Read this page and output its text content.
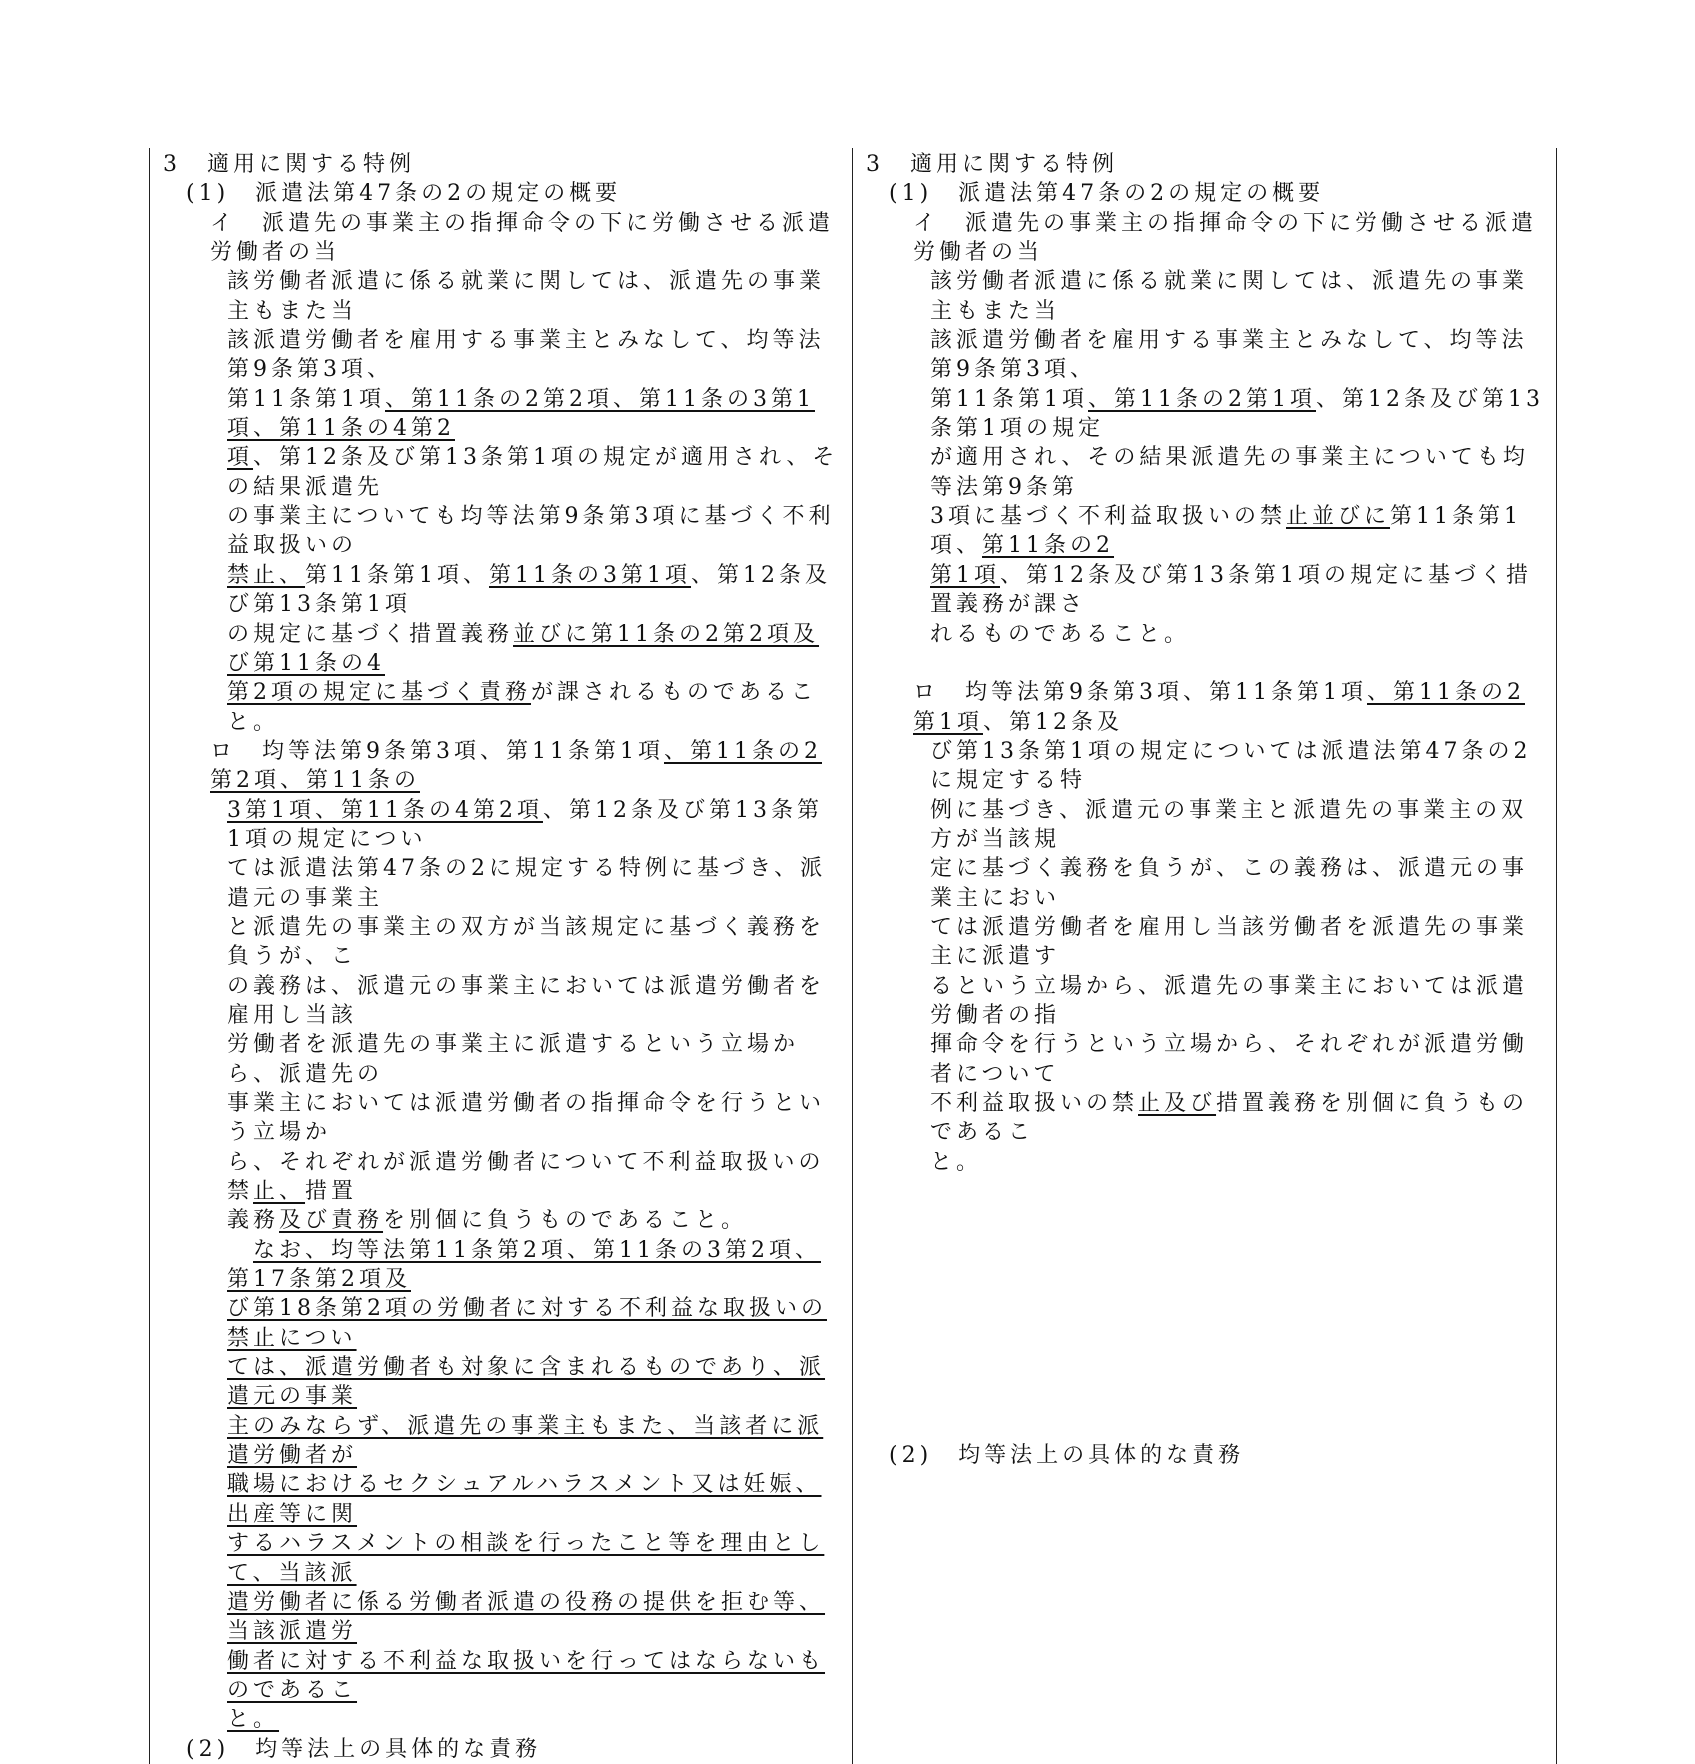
3　適用に関する特例
(1)　派遣法第47条の2の規定の概要
イ　派遣先の事業主の指揮命令の下に労働させる派遣労働者の当
該労働者派遣に係る就業に関しては、派遣先の事業主もまた当
該派遣労働者を雇用する事業主とみなして、均等法第9条第3項、
第11条第1項、第11条の2第2項、第11条の3第1項、第11条の4第2
項、第12条及び第13条第1項の規定が適用され、その結果派遣先
の事業主についても均等法第9条第3項に基づく不利益取扱いの
禁止、第11条第1項、第11条の3第1項、第12条及び第13条第1項
の規定に基づく措置義務並びに第11条の2第2項及び第11条の4
第2項の規定に基づく責務が課されるものであること。
ロ　均等法第9条第3項、第11条第1項、第11条の2第2項、第11条の
3第1項、第11条の4第2項、第12条及び第13条第1項の規定につい
ては派遣法第47条の2に規定する特例に基づき、派遣元の事業主
と派遣先の事業主の双方が当該規定に基づく義務を負うが、こ
の義務は、派遣元の事業主においては派遣労働者を雇用し当該
労働者を派遣先の事業主に派遣するという立場から、派遣先の
事業主においては派遣労働者の指揮命令を行うという立場か
ら、それぞれが派遣労働者について不利益取扱いの禁止、措置
義務及び責務を別個に負うものであること。
　なお、均等法第11条第2項、第11条の3第2項、第17条第2項及
び第18条第2項の労働者に対する不利益な取扱いの禁止につい
ては、派遣労働者も対象に含まれるものであり、派遣元の事業
主のみならず、派遣先の事業主もまた、当該者に派遣労働者が
職場におけるセクシュアルハラスメント又は妊娠、出産等に関
するハラスメントの相談を行ったこと等を理由として、当該派
遣労働者に係る労働者派遣の役務の提供を拒む等、当該派遣労
働者に対する不利益な取扱いを行ってはならないものであるこ
と。
(2)　均等法上の具体的な責務
3　適用に関する特例
(1)　派遣法第47条の2の規定の概要
イ　派遣先の事業主の指揮命令の下に労働させる派遣労働者の当
該労働者派遣に係る就業に関しては、派遣先の事業主もまた当
該派遣労働者を雇用する事業主とみなして、均等法第9条第3項、
第11条第1項、第11条の2第1項、第12条及び第13条第1項の規定
が適用され、その結果派遣先の事業主についても均等法第9条第
3項に基づく不利益取扱いの禁止並びに第11条第1項、第11条の2
第1項、第12条及び第13条第1項の規定に基づく措置義務が課さ
れるものであること。
ロ　均等法第9条第3項、第11条第1項、第11条の2第1項、第12条及
び第13条第1項の規定については派遣法第47条の2に規定する特
例に基づき、派遣元の事業主と派遣先の事業主の双方が当該規
定に基づく義務を負うが、この義務は、派遣元の事業主におい
ては派遣労働者を雇用し当該労働者を派遣先の事業主に派遣す
るという立場から、派遣先の事業主においては派遣労働者の指
揮命令を行うという立場から、それぞれが派遣労働者について
不利益取扱いの禁止及び措置義務を別個に負うものであるこ
と。
(2)　均等法上の具体的な責務
